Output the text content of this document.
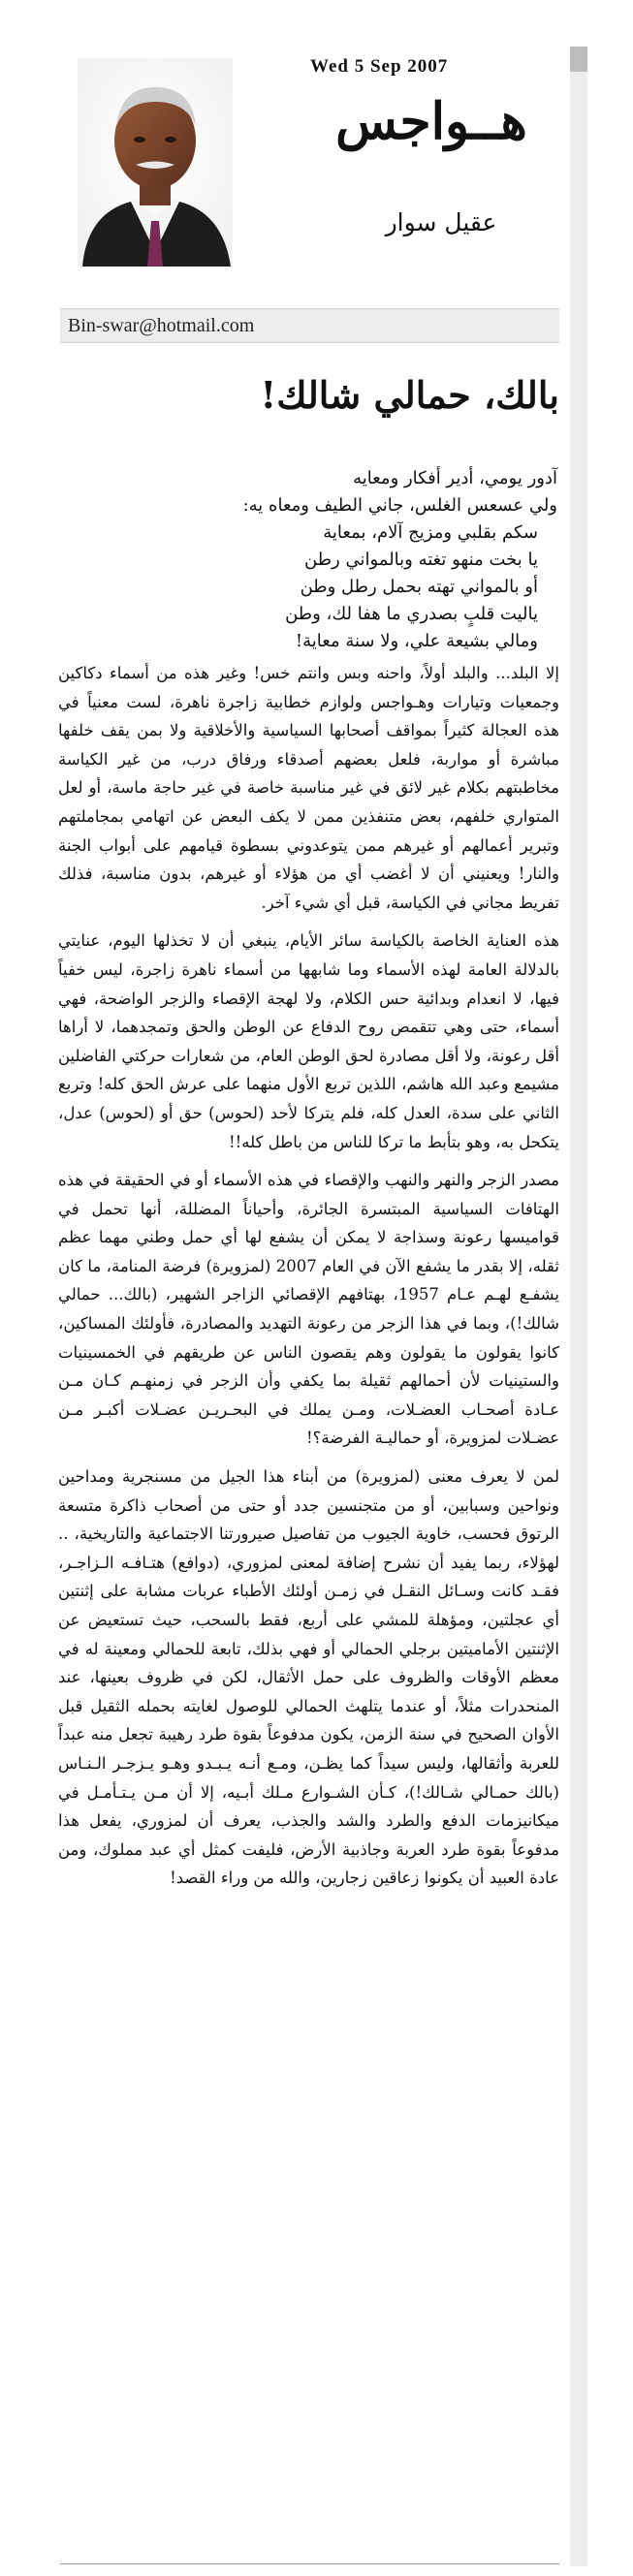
Wed 5 Sep 2007
هــواجس
عقيل سوار
Bin-swar@hotmail.com
بالك، حمالي شالك!
آدور يومي، أدير أفكار ومعايه
ولي عسعس الغلس، جاني الطيف ومعاه يه:
سكم بقلبي ومزيج آلام، بمعاية
يا بخت منهو تغته وبالمواني رطن
أو بالمواني تهته بحمل رطل وطن
ياليت قلبٍ بصدري ما هفا لك، وطن
ومالي بشيعة علي، ولا سنة معاية!

إلا البلد... والبلد أولاً، واحنه وبس وانتم خس! وغير هذه من أسماء دكاكين وجمعيات وتيارات وهـواجس ولوازم خطابية زاجرة ناهرة، لست معنياً في هذه العجالة كثيراً بمواقف أصحابها السياسية والأخلاقية ولا بمن يقف خلفها مباشرة أو مواربة، فلعل بعضهم أصدقاء ورفاق درب، من غير الكياسة مخاطبتهم بكلام غير لائق في غير مناسبة خاصة في غير حاجة ماسة، أو لعل المتواري خلفهم، بعض متنفذين ممن لا يكف البعض عن اتهامي بمجاملتهم وتبرير أعمالهم أو غيرهم ممن يتوعدوني بسطوة قيامهم على أبواب الجنة والنار! ويعنيني أن لا أغضب أي من هؤلاء أو غيرهم، بدون مناسبة، فذلك تفريط مجاني في الكياسة، قبل أي شيء آخر.

هذه العناية الخاصة بالكياسة سائر الأيام، ينبغي أن لا تخذلها اليوم، عنايتي بالدلالة العامة لهذه الأسماء وما شابهها من أسماء ناهرة زاجرة، ليس خفياً فيها، لا انعدام وبدائية حس الكلام، ولا لهجة الإقصاء والزجر الواضحة، فهي أسماء، حتى وهي تتقمص روح الدفاع عن الوطن والحق وتمجدهما، لا أراها أقل رعونة، ولا أقل مصادرة لحق الوطن العام، من شعارات حركتي الفاضلين مشيمع وعبد الله هاشم، اللذين تربع الأول منهما على عرش الحق كله! وتربع الثاني على سدة، العدل كله، فلم يتركا لأحد (لحوس) حق أو (لحوس) عدل، يتكحل به، وهو بتأبط ما تركا للناس من باطل كله!!

مصدر الزجر والنهر والنهب والإقصاء في هذه الأسماء أو في الحقيقة في هذه الهتافات السياسية المبتسرة الجائرة، وأحياناً المضللة، أنها تحمل في قواميسها رعونة وسذاجة لا يمكن أن يشفع لها أي حمل وطني مهما عظم ثقله، إلا بقدر ما يشفع الآن في العام 2007 (لمزويرة) فرضة المنامة، ما كان يشفـع لهـم عـام 1957، بهتافهم الإقصائي الزاجر الشهير، (بالك... حمالي شالك!)، وبما في هذا الزجر من رعونة التهديد والمصادرة، فأولئك المساكين، كانوا يقولون ما يقولون وهم يقصون الناس عن طريقهم في الخمسينيات والستينيات لأن أحمالهم ثقيلة بما يكفي وأن الزجر في زمنهـم كـان مـن عـادة أصحـاب العضـلات، ومـن يملك في البحـريـن عضـلات أكبـر مـن عضـلات لمزويرة، أو حماليـة الفرضة؟!

لمن لا يعرف معنى (لمزويرة) من أبناء هذا الجيل من مسنجرية ومداحين ونواحين وسبابين، أو من متجنسين جدد أو حتى من أصحاب ذاكرة متسعة الرتوق فحسب، خاوية الجيوب من تفاصيل صيرورتنا الاجتماعية والتاريخية، .. لهؤلاء، ربما يفيد أن نشرح إضافة لمعنى لمزوري، (دوافع) هتـافـه الـزاجـر، فقـد كانت وسـائل النقـل في زمـن أولئك الأطباء عربات مشابة على إثنتين أي عجلتين، ومؤهلة للمشي على أربع، فقط بالسحب، حيث تستعيض عن الإثنتين الأماميتين برجلي الحمالي أو فهي بذلك، تابعة للحمالي ومعينة له في معظم الأوقات والظروف على حمل الأثقال، لكن في ظروف بعينها، عند المنحدرات مثلاً، أو عندما يتلهث الحمالي للوصول لغايته بحمله الثقيل قبل الأوان الصحيح في سنة الزمن، يكون مدفوعاً بقوة طرد رهيبة تجعل منه عبداً للعربة وأثقالها، وليس سيداً كما يظـن، ومـع أنـه يـبـدو وهـو يـزجـر الـنـاس (بالك حمـالي شـالك!)، كـأن الشـوارع مـلك أبـيه، إلا أن مـن يـتـأمـل في ميكانيزمات الدفع والطرد والشد والجذب، يعرف أن لمزوري، يفعل هذا مدفوعاً بقوة طرد العربة وجاذبية الأرض، فليفت كمثل أي عبد مملوك، ومن عادة العبيد أن يكونوا زعاقين زجارين، والله من وراء القصد!
